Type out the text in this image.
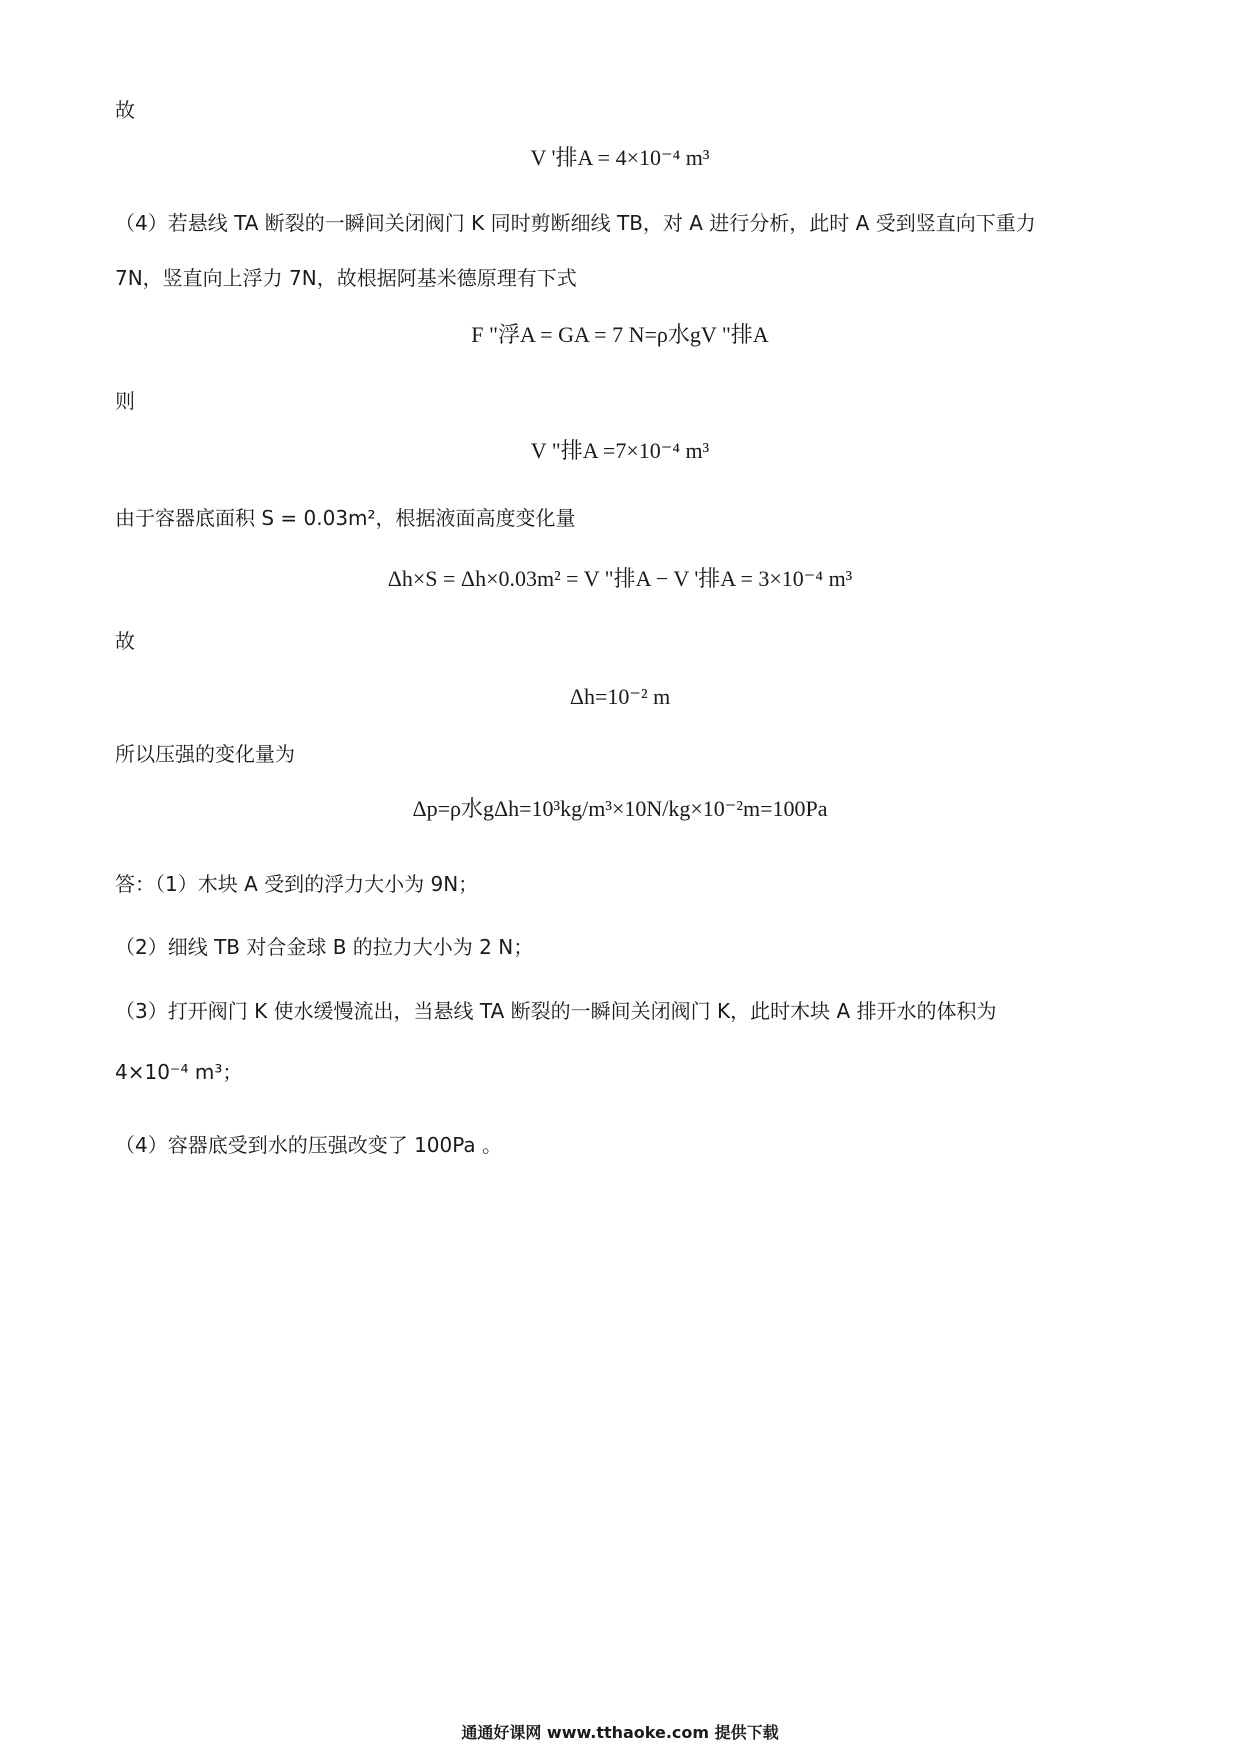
故
V '排A = 4×10⁻⁴ m³
（4）若悬线 TA 断裂的一瞬间关闭阀门 K 同时剪断细线 TB，对 A 进行分析，此时 A 受到竖直向下重力
7N，竖直向上浮力 7N，故根据阿基米德原理有下式
F "浮A = GA = 7 N=ρ水gV "排A
则
V "排A =7×10⁻⁴ m³
由于容器底面积 S = 0.03m²，根据液面高度变化量
Δh×S = Δh×0.03m² = V "排A − V '排A = 3×10⁻⁴ m³
故
Δh=10⁻² m
所以压强的变化量为
Δp=ρ水gΔh=10³kg/m³×10N/kg×10⁻²m=100Pa
答：（1）木块 A 受到的浮力大小为 9N；
（2）细线 TB 对合金球 B 的拉力大小为 2 N；
（3）打开阀门 K 使水缓慢流出，当悬线 TA 断裂的一瞬间关闭阀门 K，此时木块 A 排开水的体积为
4×10⁻⁴ m³；
（4）容器底受到水的压强改变了 100Pa 。
通通好课网 www.tthaoke.com 提供下载
